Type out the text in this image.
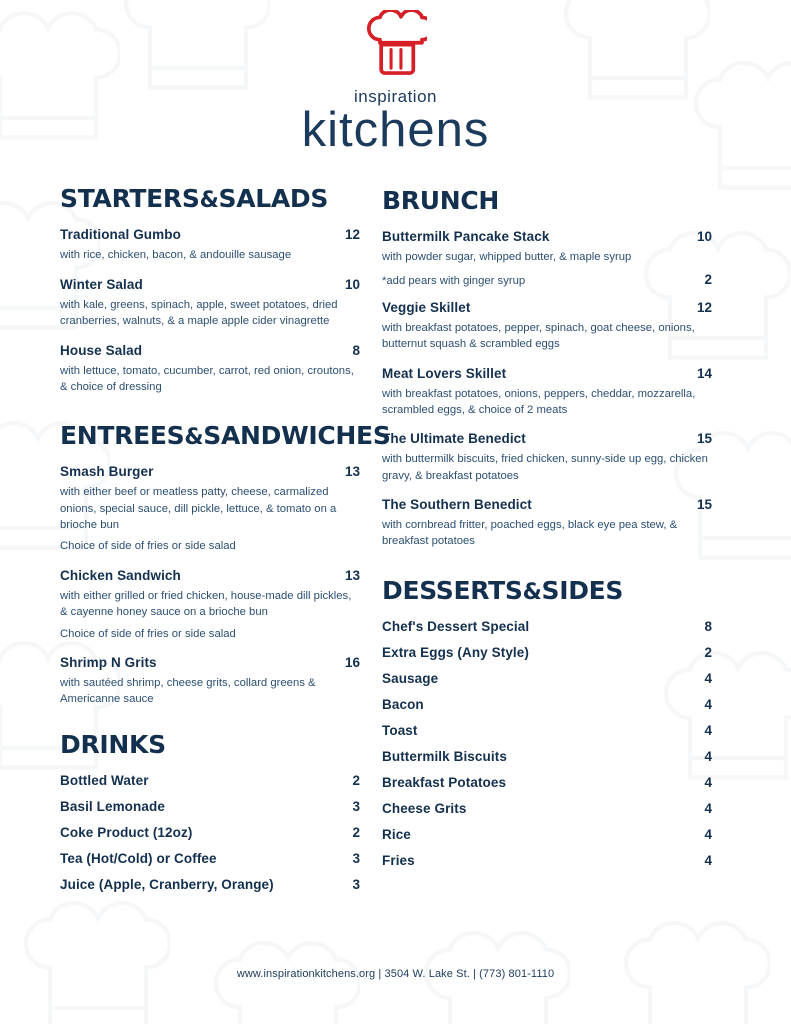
inspiration
kitchens
STARTERS&SALADS
Traditional Gumbo	12
with rice, chicken, bacon, & andouille sausage
Winter Salad	10
with kale, greens, spinach, apple, sweet potatoes, dried cranberries, walnuts, & a maple apple cider vinagrette
House Salad	8
with lettuce, tomato, cucumber, carrot, red onion, croutons, & choice of dressing
ENTREES&SANDWICHES
Smash Burger	13
with either beef or meatless patty, cheese, carmalized onions, special sauce, dill pickle, lettuce, & tomato on a brioche bun
Choice of side of fries or side salad
Chicken Sandwich	13
with either grilled or fried chicken, house-made dill pickles, & cayenne honey sauce on a brioche bun
Choice of side of fries or side salad
Shrimp N Grits	16
with sautéed shrimp, cheese grits, collard greens & Americanne sauce
DRINKS
Bottled Water	2
Basil Lemonade	3
Coke Product (12oz)	2
Tea (Hot/Cold) or Coffee	3
Juice (Apple, Cranberry, Orange)	3
BRUNCH
Buttermilk Pancake Stack	10
with powder sugar, whipped butter, & maple syrup
*add pears with ginger syrup	2
Veggie Skillet	12
with breakfast potatoes, pepper, spinach, goat cheese, onions, butternut squash & scrambled eggs
Meat Lovers Skillet	14
with breakfast potatoes, onions, peppers, cheddar, mozzarella, scrambled eggs, & choice of 2 meats
The Ultimate Benedict	15
with buttermilk biscuits, fried chicken, sunny-side up egg, chicken gravy, & breakfast potatoes
The Southern Benedict	15
with cornbread fritter, poached eggs, black eye pea stew, & breakfast potatoes
DESSERTS&SIDES
Chef's Dessert Special	8
Extra Eggs (Any Style)	2
Sausage	4
Bacon	4
Toast	4
Buttermilk Biscuits	4
Breakfast Potatoes	4
Cheese Grits	4
Rice	4
Fries	4
www.inspirationkitchens.org | 3504 W. Lake St. | (773) 801-1110
